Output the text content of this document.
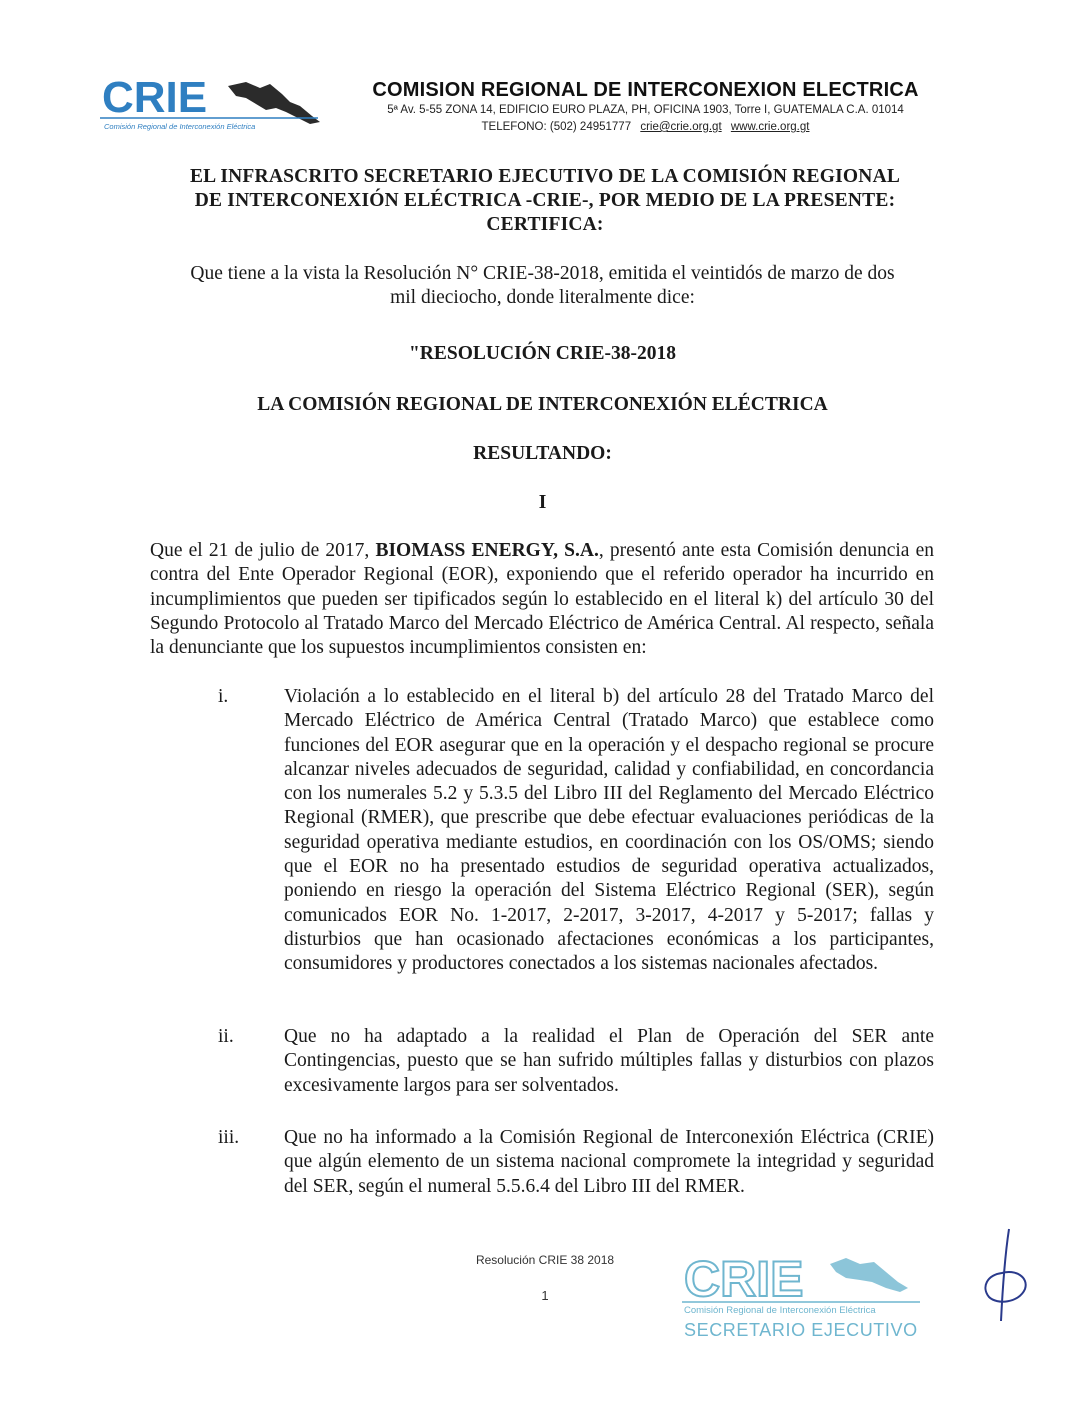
CRIE
Comisión Regional de Interconexión Eléctrica
COMISION REGIONAL DE INTERCONEXION ELECTRICA
5ª Av. 5-55 ZONA 14, EDIFICIO EURO PLAZA, PH, OFICINA 1903, Torre I, GUATEMALA C.A. 01014
TELEFONO: (502) 24951777 crie@crie.org.gt www.crie.org.gt
EL INFRASCRITO SECRETARIO EJECUTIVO DE LA COMISIÓN REGIONAL
DE INTERCONEXIÓN ELÉCTRICA -CRIE-, POR MEDIO DE LA PRESENTE:
CERTIFICA:
Que tiene a la vista la Resolución N° CRIE-38-2018, emitida el veintidós de marzo de dos
mil dieciocho, donde literalmente dice:
"RESOLUCIÓN CRIE-38-2018
LA COMISIÓN REGIONAL DE INTERCONEXIÓN ELÉCTRICA
RESULTANDO:
I
Que el 21 de julio de 2017, BIOMASS ENERGY, S.A., presentó ante esta Comisión denuncia en contra del Ente Operador Regional (EOR), exponiendo que el referido operador ha incurrido en incumplimientos que pueden ser tipificados según lo establecido en el literal k) del artículo 30 del Segundo Protocolo al Tratado Marco del Mercado Eléctrico de América Central. Al respecto, señala la denunciante que los supuestos incumplimientos consisten en:
i.	Violación a lo establecido en el literal b) del artículo 28 del Tratado Marco del Mercado Eléctrico de América Central (Tratado Marco) que establece como funciones del EOR asegurar que en la operación y el despacho regional se procure alcanzar niveles adecuados de seguridad, calidad y confiabilidad, en concordancia con los numerales 5.2 y 5.3.5 del Libro III del Reglamento del Mercado Eléctrico Regional (RMER), que prescribe que debe efectuar evaluaciones periódicas de la seguridad operativa mediante estudios, en coordinación con los OS/OMS; siendo que el EOR no ha presentado estudios de seguridad operativa actualizados, poniendo en riesgo la operación del Sistema Eléctrico Regional (SER), según comunicados EOR No. 1-2017, 2-2017, 3-2017, 4-2017 y 5-2017; fallas y disturbios que han ocasionado afectaciones económicas a los participantes, consumidores y productores conectados a los sistemas nacionales afectados.
ii.	Que no ha adaptado a la realidad el Plan de Operación del SER ante Contingencias, puesto que se han sufrido múltiples fallas y disturbios con plazos excesivamente largos para ser solventados.
iii. Que no ha informado a la Comisión Regional de Interconexión Eléctrica (CRIE) que algún elemento de un sistema nacional compromete la integridad y seguridad del SER, según el numeral 5.5.6.4 del Libro III del RMER.
Resolución CRIE 38 2018
1	CRIE
Comisión Regional de Interconexión Eléctrica
SECRETARIO EJECUTIVO
